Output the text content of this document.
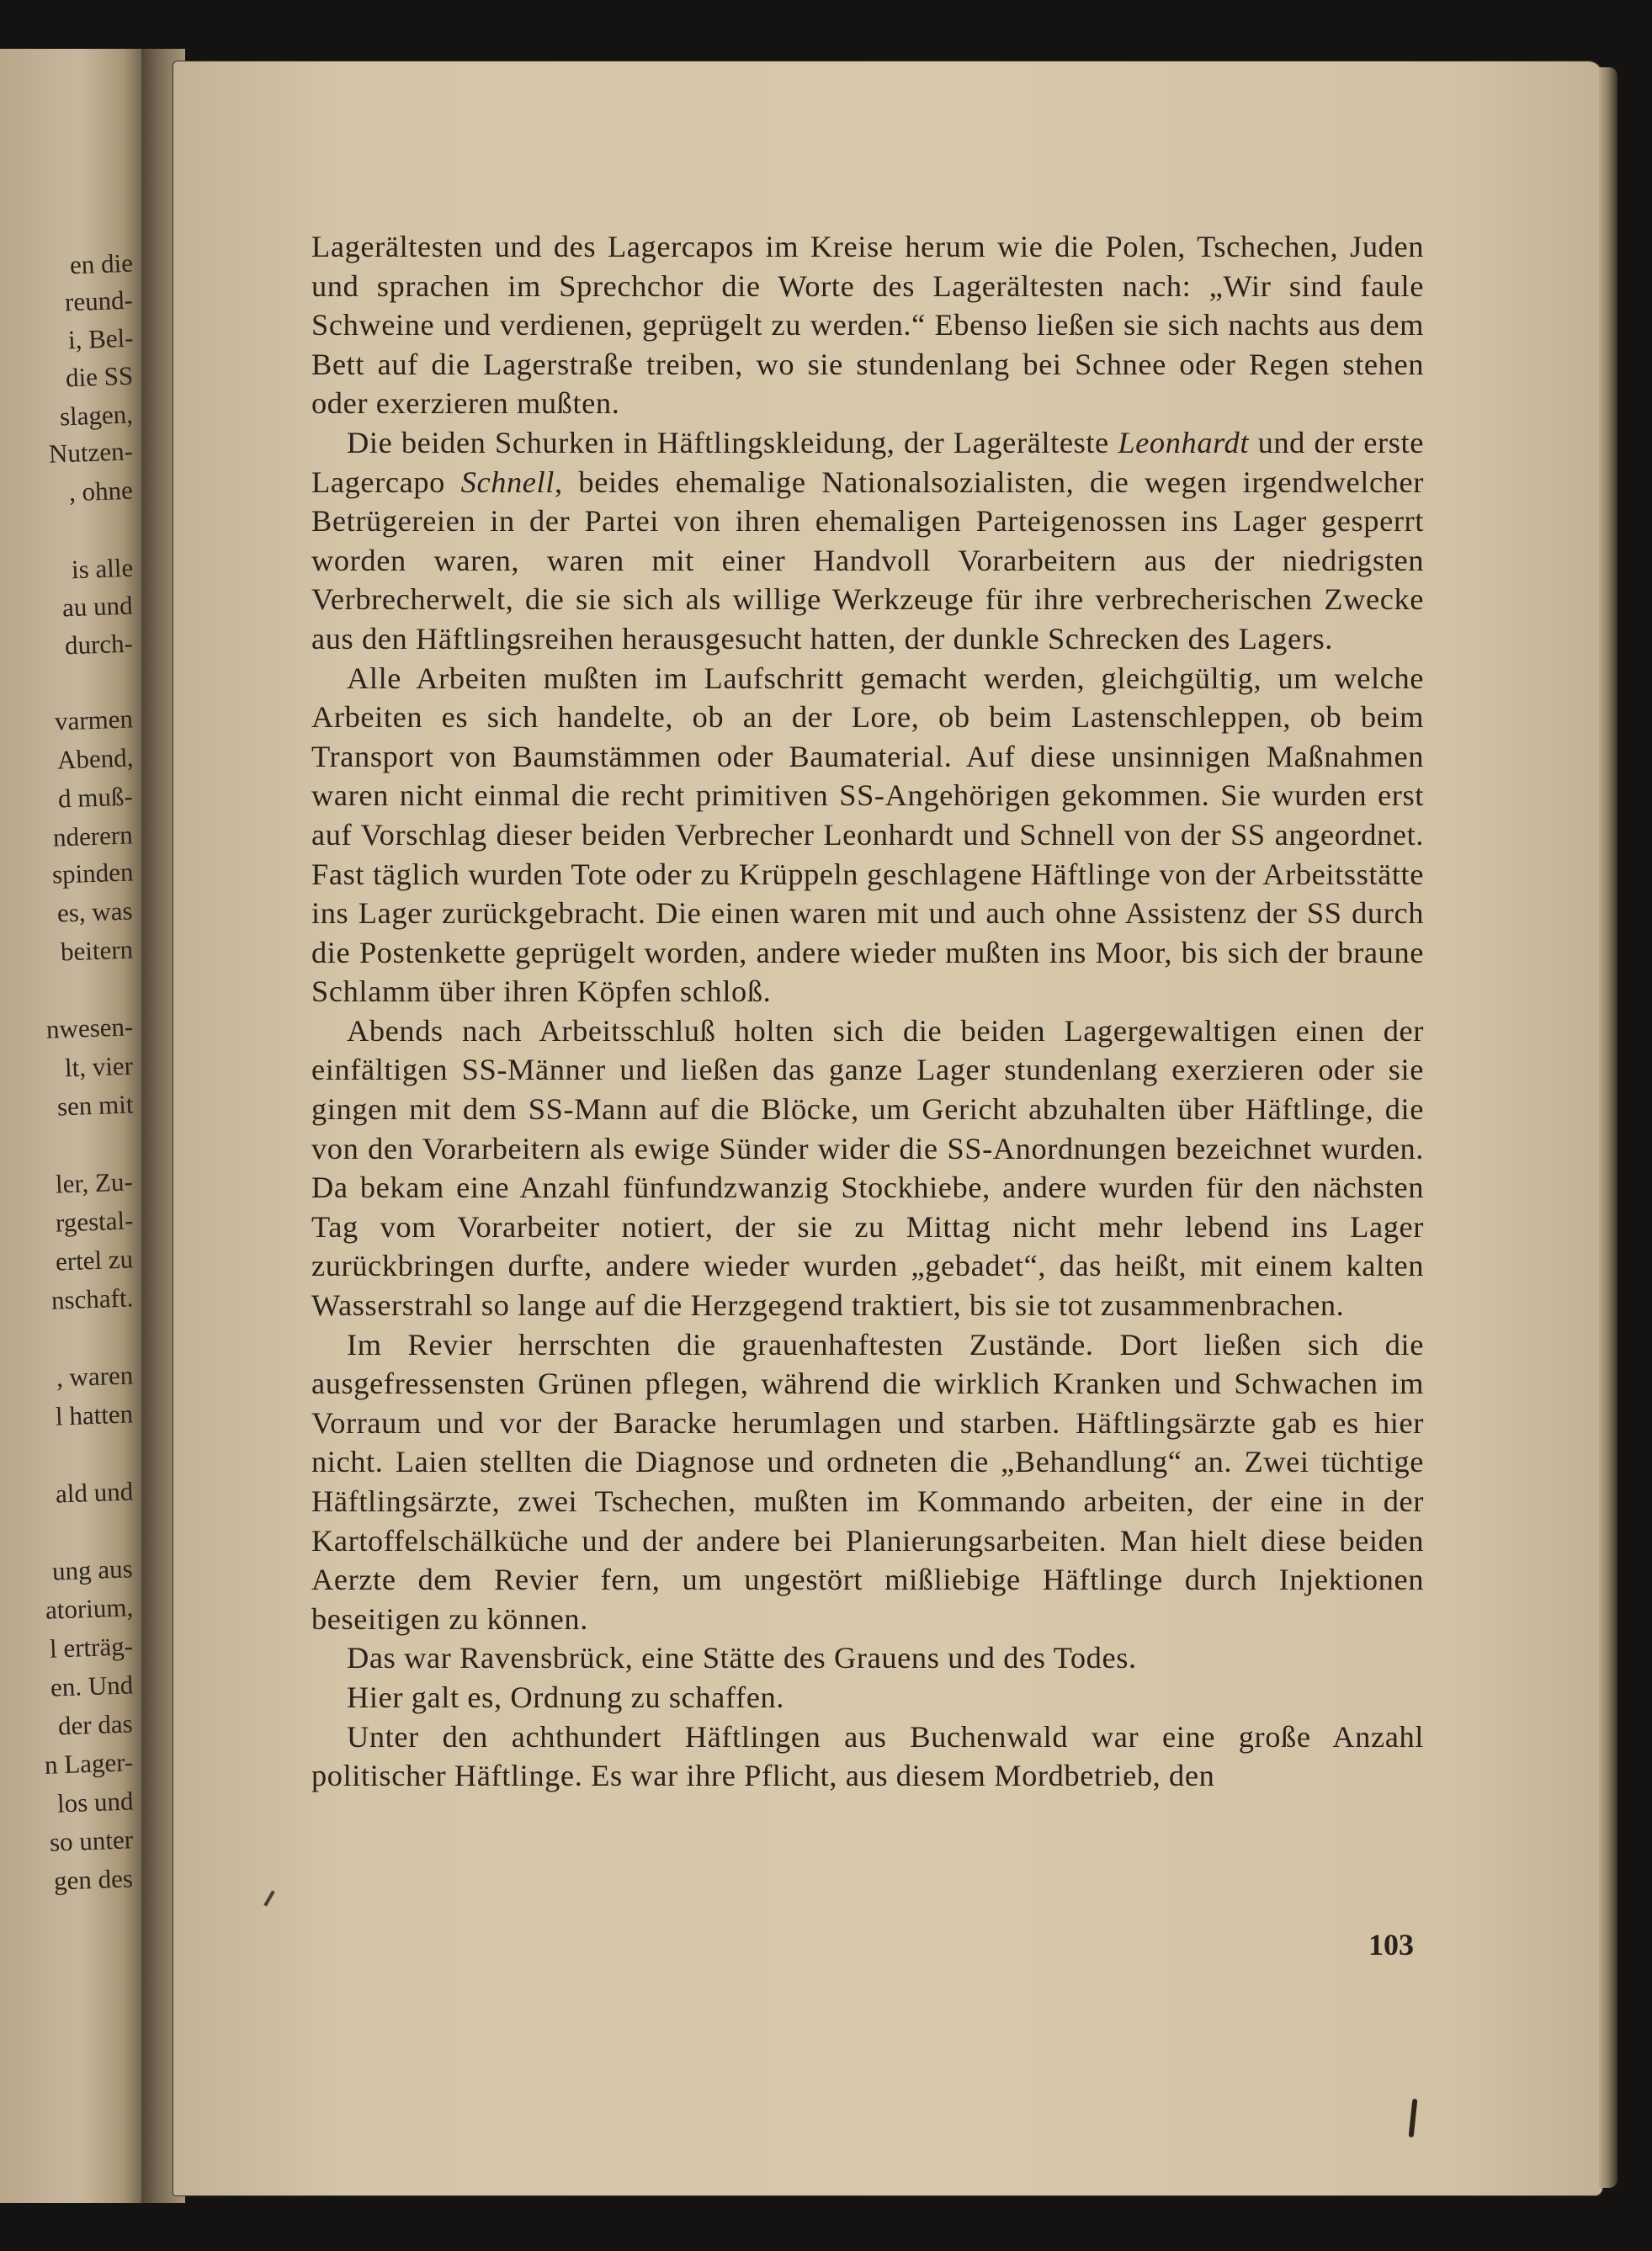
en die

reund-

i, Bel-

die SS

slagen,

Nutzen-

, ohne

is alle

au und

durch-

varmen

Abend,

d muß-

nderern

spinden

es, was

beitern

nwesen-

lt, vier

sen mit

ler, Zu-

rgestal-

ertel zu

nschaft.

, waren

l hatten

ald und

ung aus

atorium,

l erträg-

en. Und

der das

n Lager-

los und

so unter

gen des

Lagerältesten und des Lagercapos im Kreise herum wie die Polen, Tschechen, Juden und sprachen im Sprechchor die Worte des Lagerältesten nach: „Wir sind faule Schweine und verdienen, geprügelt zu werden.“ Ebenso ließen sie sich nachts aus dem Bett auf die Lagerstraße treiben, wo sie stundenlang bei Schnee oder Regen stehen oder exerzieren mußten.

Die beiden Schurken in Häftlingskleidung, der Lagerälteste Leonhardt und der erste Lagercapo Schnell, beides ehemalige Nationalsozialisten, die wegen irgendwelcher Betrügereien in der Partei von ihren ehemaligen Parteigenossen ins Lager gesperrt worden waren, waren mit einer Handvoll Vorarbeitern aus der niedrigsten Verbrecherwelt, die sie sich als willige Werkzeuge für ihre verbrecherischen Zwecke aus den Häftlingsreihen herausgesucht hatten, der dunkle Schrecken des Lagers.

Alle Arbeiten mußten im Laufschritt gemacht werden, gleichgültig, um welche Arbeiten es sich handelte, ob an der Lore, ob beim Lastenschleppen, ob beim Transport von Baumstämmen oder Baumaterial. Auf diese unsinnigen Maßnahmen waren nicht einmal die recht primitiven SS-Angehörigen gekommen. Sie wurden erst auf Vorschlag dieser beiden Verbrecher Leonhardt und Schnell von der SS angeordnet. Fast täglich wurden Tote oder zu Krüppeln geschlagene Häftlinge von der Arbeitsstätte ins Lager zurückgebracht. Die einen waren mit und auch ohne Assistenz der SS durch die Postenkette geprügelt worden, andere wieder mußten ins Moor, bis sich der braune Schlamm über ihren Köpfen schloß.

Abends nach Arbeitsschluß holten sich die beiden Lagergewaltigen einen der einfältigen SS-Männer und ließen das ganze Lager stundenlang exerzieren oder sie gingen mit dem SS-Mann auf die Blöcke, um Gericht abzuhalten über Häftlinge, die von den Vorarbeitern als ewige Sünder wider die SS-Anordnungen bezeichnet wurden. Da bekam eine Anzahl fünfundzwanzig Stockhiebe, andere wurden für den nächsten Tag vom Vorarbeiter notiert, der sie zu Mittag nicht mehr lebend ins Lager zurückbringen durfte, andere wieder wurden „gebadet“, das heißt, mit einem kalten Wasserstrahl so lange auf die Herzgegend traktiert, bis sie tot zusammenbrachen.

Im Revier herrschten die grauenhaftesten Zustände. Dort ließen sich die ausgefressensten Grünen pflegen, während die wirklich Kranken und Schwachen im Vorraum und vor der Baracke herumlagen und starben. Häftlingsärzte gab es hier nicht. Laien stellten die Diagnose und ordneten die „Behandlung“ an. Zwei tüchtige Häftlingsärzte, zwei Tschechen, mußten im Kommando arbeiten, der eine in der Kartoffelschälküche und der andere bei Planierungsarbeiten. Man hielt diese beiden Aerzte dem Revier fern, um ungestört mißliebige Häftlinge durch Injektionen beseitigen zu können.

Das war Ravensbrück, eine Stätte des Grauens und des Todes.

Hier galt es, Ordnung zu schaffen.

Unter den achthundert Häftlingen aus Buchenwald war eine große Anzahl politischer Häftlinge. Es war ihre Pflicht, aus diesem Mordbetrieb, den

103
